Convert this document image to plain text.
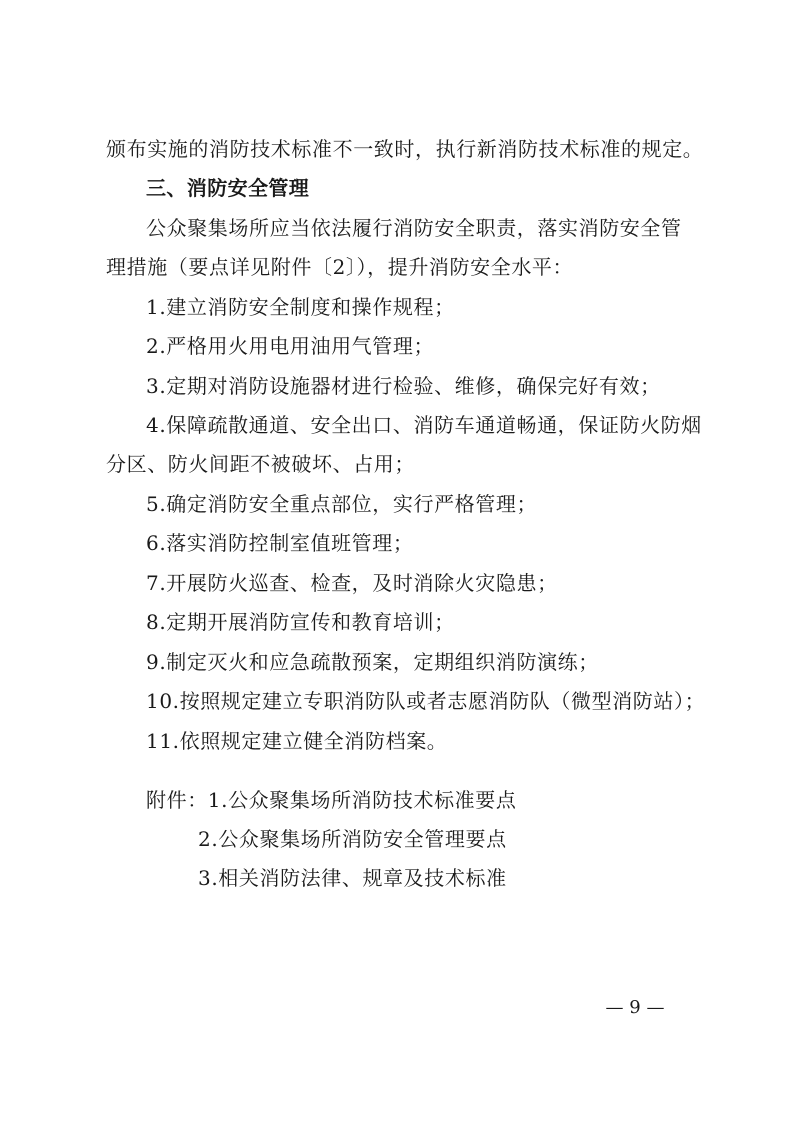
颁布实施的消防技术标准不一致时，执行新消防技术标准的规定。
三、消防安全管理
公众聚集场所应当依法履行消防安全职责，落实消防安全管
理措施（要点详见附件〔2〕），提升消防安全水平：
1.建立消防安全制度和操作规程；
2.严格用火用电用油用气管理；
3.定期对消防设施器材进行检验、维修，确保完好有效；
4.保障疏散通道、安全出口、消防车通道畅通，保证防火防烟
分区、防火间距不被破坏、占用；
5.确定消防安全重点部位，实行严格管理；
6.落实消防控制室值班管理；
7.开展防火巡查、检查，及时消除火灾隐患；
8.定期开展消防宣传和教育培训；
9.制定灭火和应急疏散预案，定期组织消防演练；
10.按照规定建立专职消防队或者志愿消防队（微型消防站）；
11.依照规定建立健全消防档案。
附件：1.公众聚集场所消防技术标准要点
2.公众聚集场所消防安全管理要点
3.相关消防法律、规章及技术标准
— 9 —
